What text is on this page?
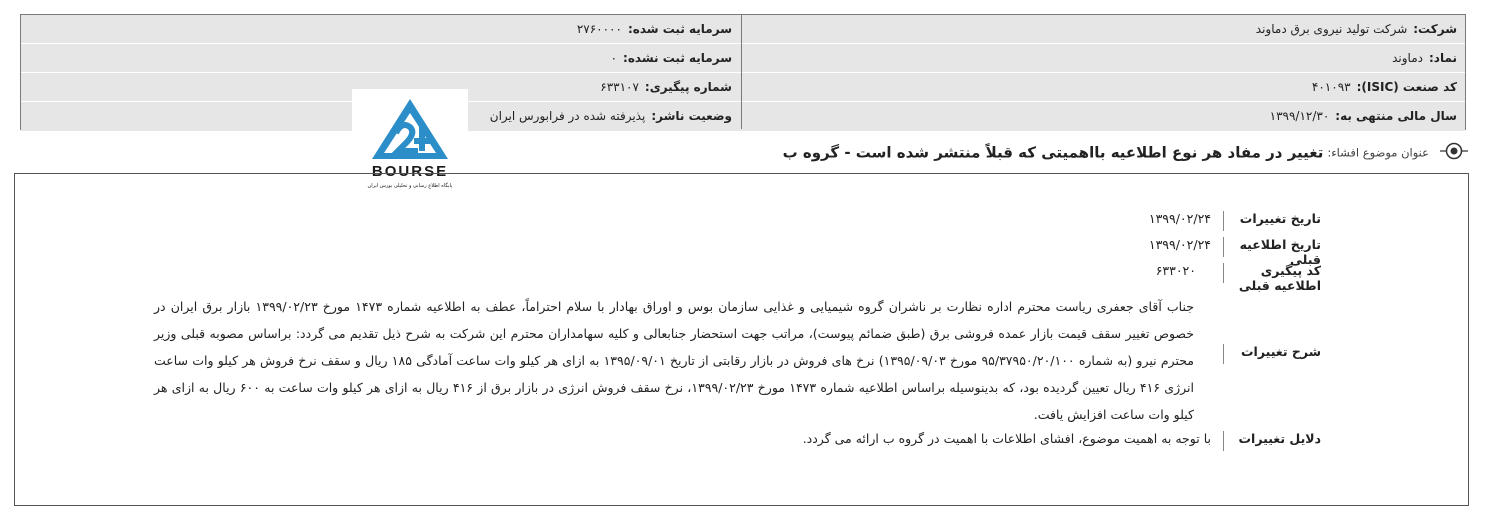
شرکت:شرکت تولید نیروی برق دماوند
سرمایه ثبت شده:۲۷۶۰۰۰۰
نماد:دماوند
سرمایه ثبت نشده:۰
کد صنعت (ISIC):۴۰۱۰۹۳
شماره پیگیری:۶۳۳۱۰۷
سال مالی منتهی به:۱۳۹۹/۱۲/۳۰
وضعیت ناشر:پذیرفته شده در فرابورس ایران
BOURSE
پایگاه اطلاع رسانی و تحلیلی بورس ایران
عنوان موضوع افشاء: تغییر در مفاد هر نوع اطلاعیه بااهمیتی که قبلاً منتشر شده است - گروه ب
تاریخ تغییرات
۱۳۹۹/۰۲/۲۴
تاریخ اطلاعیه قبلی
۱۳۹۹/۰۲/۲۴
کد پیگیری اطلاعیه قبلی
۶۳۳۰۲۰
شرح تغییرات
جناب آقای جعفری ریاست محترم اداره نظارت بر ناشران گروه شیمیایی و غذایی سازمان بوس و اوراق بهادار با سلام احتراماً، عطف به اطلاعیه شماره ۱۴۷۳ مورخ ۱۳۹۹/۰۲/۲۳ بازار برق ایران در خصوص تغییر سقف قیمت بازار عمده فروشی برق (طبق ضمائم پیوست)، مراتب جهت استحضار جنابعالی و کلیه سهامداران محترم این شرکت به شرح ذیل تقدیم می گردد: براساس مصوبه قبلی وزیر محترم نیرو (به شماره ۹۵/۳۷۹۵۰/۲۰/۱۰۰ مورخ ۱۳۹۵/۰۹/۰۳) نرخ های فروش در بازار رقابتی از تاریخ ۱۳۹۵/۰۹/۰۱ به ازای هر کیلو وات ساعت آمادگی ۱۸۵ ریال و سقف نرخ فروش هر کیلو وات ساعت انرژی ۴۱۶ ریال تعیین گردیده بود، که بدینوسیله براساس اطلاعیه شماره ۱۴۷۳ مورخ ۱۳۹۹/۰۲/۲۳، نرخ سقف فروش انرژی در بازار برق از ۴۱۶ ریال به ازای هر کیلو وات ساعت به ۶۰۰ ریال به ازای هر کیلو وات ساعت افزایش یافت.
دلایل تغییرات
با توجه به اهمیت موضوع، افشای اطلاعات با اهمیت در گروه ب ارائه می گردد.
